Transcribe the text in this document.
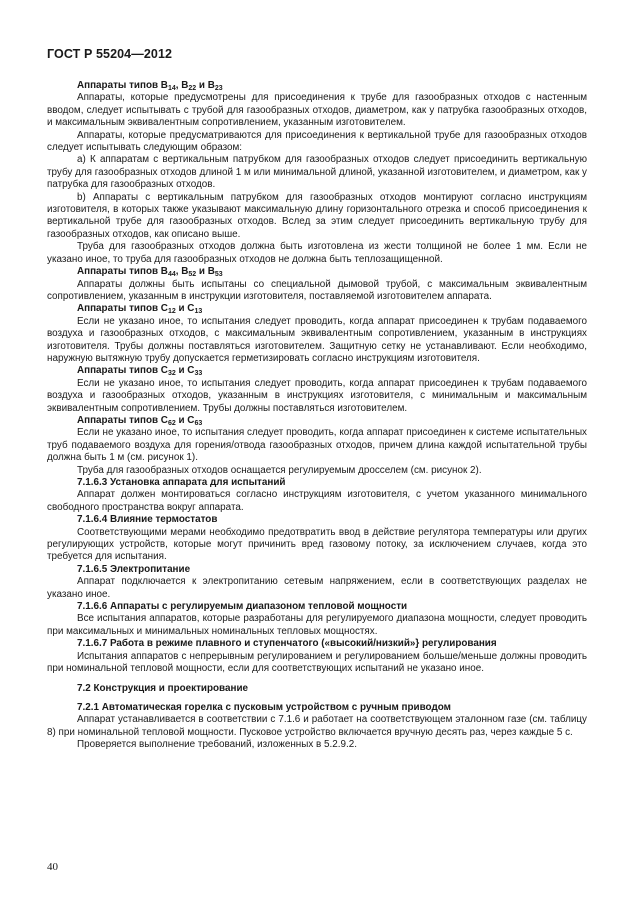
ГОСТ Р 55204—2012

Аппараты типов $B_{14}$, $B_{22}$ и $B_{23}$

Аппараты, которые предусмотрены для присоединения к трубе для газообразных отходов с настенным вводом, следует испытывать с трубой для газообразных отходов, диаметром, как у патрубка газообразных отходов, и максимальным эквивалентным сопротивлением, указанным изготовителем.

Аппараты, которые предусматриваются для присоединения к вертикальной трубе для газообразных отходов следует испытывать следующим образом:

a) К аппаратам с вертикальным патрубком для газообразных отходов следует присоединить вертикальную трубу для газообразных отходов длиной 1 м или минимальной длиной, указанной изготовителем, и диаметром, как у патрубка для газообразных отходов.

b) Аппараты с вертикальным патрубком для газообразных отходов монтируют согласно инструкциям изготовителя, в которых также указывают максимальную длину горизонтального отрезка и способ присоединения к вертикальной трубе для газообразных отходов. Вслед за этим следует присоединить вертикальную трубу для газообразных отходов, как описано выше.

Труба для газообразных отходов должна быть изготовлена из жести толщиной не более 1 мм. Если не указано иное, то труба для газообразных отходов не должна быть теплозащищенной.

Аппараты типов $B_{44}$, $B_{52}$ и $B_{53}$

Аппараты должны быть испытаны со специальной дымовой трубой, с максимальным эквивалентным сопротивлением, указанным в инструкции изготовителя, поставляемой изготовителем аппарата.

Аппараты типов $C_{12}$ и $C_{13}$

Если не указано иное, то испытания следует проводить, когда аппарат присоединен к трубам подаваемого воздуха и газообразных отходов, с максимальным эквивалентным сопротивлением, указанным в инструкциях изготовителя. Трубы должны поставляться изготовителем. Защитную сетку не устанавливают. Если необходимо, наружную вытяжную трубу допускается герметизировать согласно инструкциям изготовителя.

Аппараты типов $C_{32}$ и $C_{33}$

Если не указано иное, то испытания следует проводить, когда аппарат присоединен к трубам подаваемого воздуха и газообразных отходов, указанным в инструкциях изготовителя, с минимальным и максимальным эквивалентным сопротивлением. Трубы должны поставляться изготовителем.

Аппараты типов $C_{62}$ и $C_{63}$

Если не указано иное, то испытания следует проводить, когда аппарат присоединен к системе испытательных труб подаваемого воздуха для горения/отвода газообразных отходов, причем длина каждой испытательной трубы должна быть 1 м (см. рисунок 1).

Труба для газообразных отходов оснащается регулируемым дросселем (см. рисунок 2).

7.1.6.3 Установка аппарата для испытаний

Аппарат должен монтироваться согласно инструкциям изготовителя, с учетом указанного минимального свободного пространства вокруг аппарата.

7.1.6.4 Влияние термостатов

Соответствующими мерами необходимо предотвратить ввод в действие регулятора температуры или других регулирующих устройств, которые могут причинить вред газовому потоку, за исключением случаев, когда это требуется для испытания.

7.1.6.5 Электропитание

Аппарат подключается к электропитанию сетевым напряжением, если в соответствующих разделах не указано иное.

7.1.6.6 Аппараты с регулируемым диапазоном тепловой мощности

Все испытания аппаратов, которые разработаны для регулируемого диапазона мощности, следует проводить при максимальных и минимальных номинальных тепловых мощностях.

7.1.6.7 Работа в режиме плавного и ступенчатого («высокий/низкий»} регулирования

Испытания аппаратов с непрерывным регулированием и регулированием больше/меньше должны проводить при номинальной тепловой мощности, если для соответствующих испытаний не указано иное.

7.2 Конструкция и проектирование

7.2.1 Автоматическая горелка с пусковым устройством с ручным приводом

Аппарат устанавливается в соответствии с 7.1.6 и работает на соответствующем эталонном газе (см. таблицу 8) при номинальной тепловой мощности. Пусковое устройство включается вручную десять раз, через каждые 5 с.

Проверяется выполнение требований, изложенных в 5.2.9.2.

40
